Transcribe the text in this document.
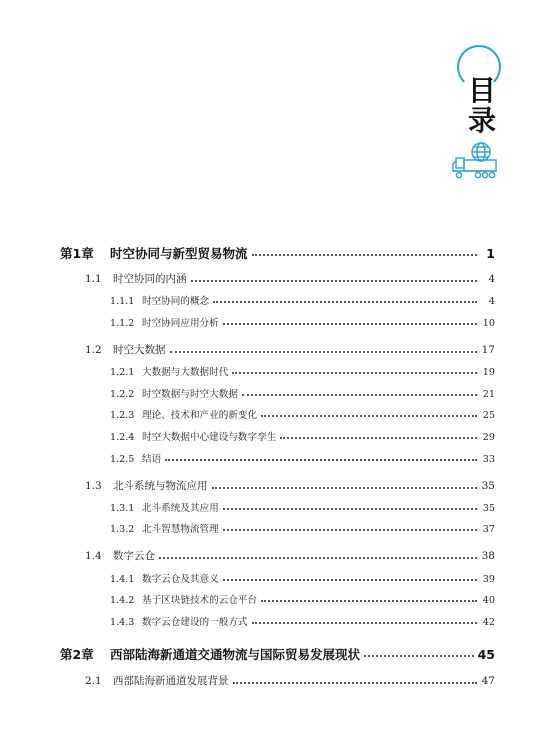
目
录
第1章	时空协同与新型贸易物流	1
1.1	时空协同的内涵	4
1.1.1 时空协同的概念	4
1.1.2 时空协同应用分析	10
1.2	时空大数据	17
1.2.1 大数据与大数据时代	19
1.2.2 时空数据与时空大数据	21
1.2.3 理论、技术和产业的新变化	25
1.2.4 时空大数据中心建设与数字孪生	29
1.2.5 结语	33
1.3	北斗系统与物流应用	35
1.3.1 北斗系统及其应用	35
1.3.2 北斗智慧物流管理	37
1.4	数字云仓	38
1.4.1 数字云仓及其意义	39
1.4.2 基于区块链技术的云仓平台	40
1.4.3 数字云仓建设的一般方式	42
第2章	西部陆海新通道交通物流与国际贸易发展现状	45
2.1	西部陆海新通道发展背景	47
